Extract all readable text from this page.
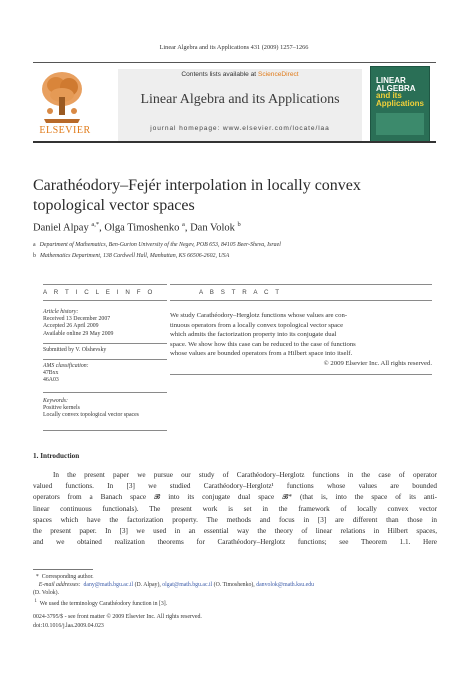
Linear Algebra and its Applications 431 (2009) 1257–1266
Contents lists available at ScienceDirect
Linear Algebra and its Applications
journal homepage: www.elsevier.com/locate/laa
ELSEVIER
LINEAR
ALGEBRA
and its
Applications
Carathéodory–Fejér interpolation in locally convex
topological vector spaces
Daniel Alpay $^{a,*}$, Olga Timoshenko $^a$, Dan Volok $^b$
a Department of Mathematics, Ben-Gurion University of the Negev, POB 653, 84105 Beer-Sheva, Israel
b Mathematics Department, 138 Cardwell Hall, Manhattan, KS 66506-2602, USA
A R T I C L E I N F O	A B S T R A C T
Article history:
Received 13 December 2007
Accepted 26 April 2009
Available online 29 May 2009
Submitted by V. Olshevsky
AMS classification:
47Bxx
46A03
Keywords:
Positive kernels
Locally convex topological vector spaces
We study Carathéodory–Herglotz functions whose values are con-
tinuous operators from a locally convex topological vector space
which admits the factorization property into its conjugate dual
space. We show how this case can be reduced to the case of functions
whose values are bounded operators from a Hilbert space into itself.
© 2009 Elsevier Inc. All rights reserved.
1. Introduction
In the present paper we pursue our study of Carathéodory–Herglotz functions in the case of operator
valued functions. In [3] we studied Carathéodory–Herglotz¹ functions whose values are bounded
operators from a Banach space 𝓑 into its conjugate dual space 𝓑* (that is, into the space of its anti-
linear continuous functionals). The present work is set in the framework of locally convex vector
spaces which have the factorization property. The methods and focus in [3] are different than those in
the present paper. In [3] we used in an essential way the theory of linear relations in Hilbert spaces,
and we obtained realization theorems for Carathéodory–Herglotz functions; see Theorem 1.1. Here
*  Corresponding author.
E-mail addresses: dany@math.bgu.ac.il (D. Alpay), olgat@math.bgu.ac.il (O. Timoshenko), danvolok@math.ksu.edu
(D. Volok).
$^1$ We used the terminology Carathéodory function in [3].
0024-3795/$ - see front matter © 2009 Elsevier Inc. All rights reserved.
doi:10.1016/j.laa.2009.04.023
